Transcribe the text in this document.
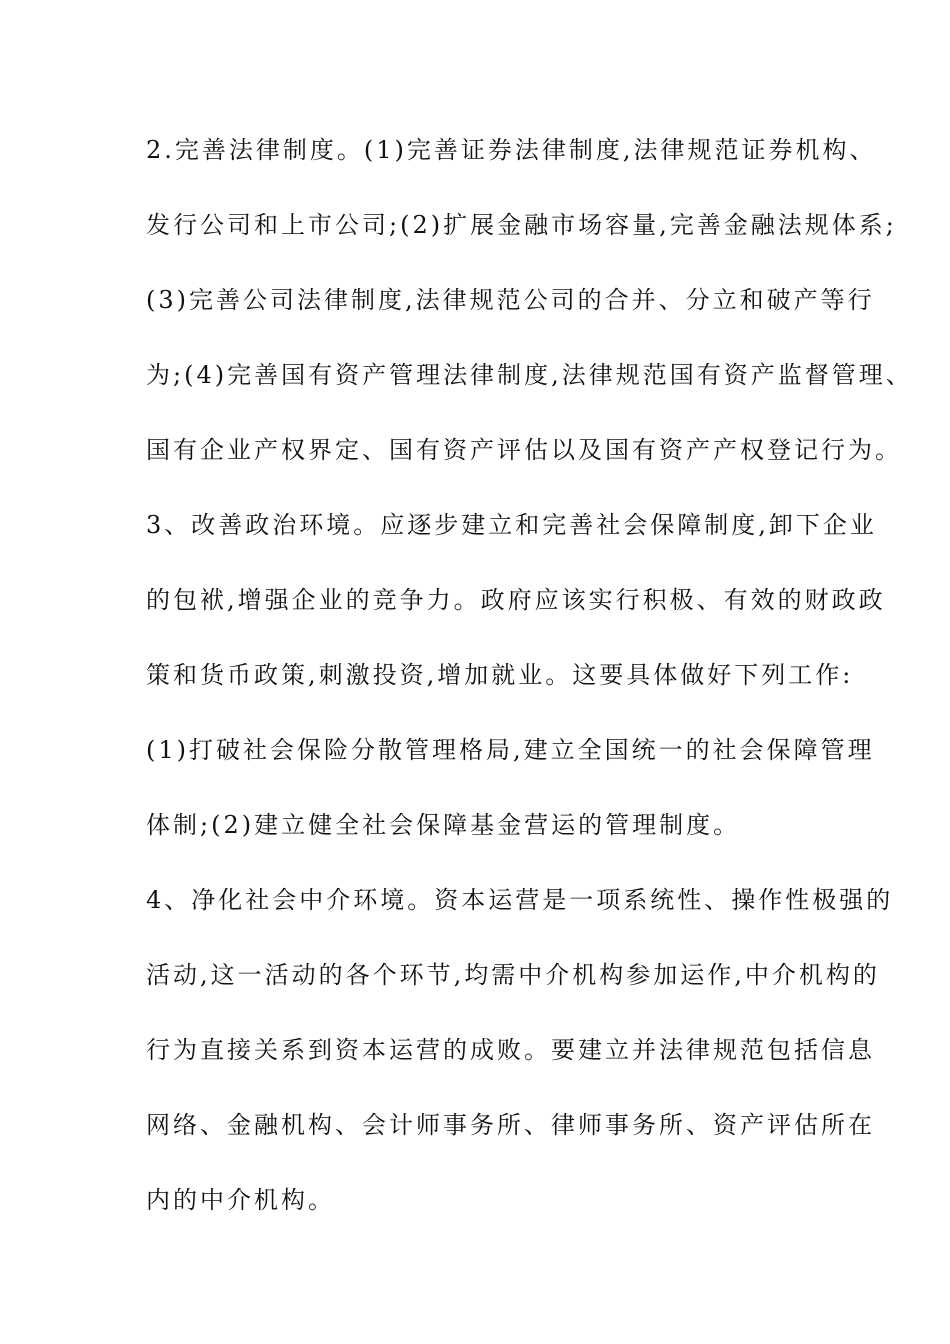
2.完善法律制度。(1)完善证券法律制度,法律规范证券机构、
发行公司和上市公司;(2)扩展金融市场容量,完善金融法规体系;
(3)完善公司法律制度,法律规范公司的合并、分立和破产等行
为;(4)完善国有资产管理法律制度,法律规范国有资产监督管理、
国有企业产权界定、国有资产评估以及国有资产产权登记行为。
3、改善政治环境。应逐步建立和完善社会保障制度,卸下企业
的包袱,增强企业的竞争力。政府应该实行积极、有效的财政政
策和货币政策,刺激投资,增加就业。这要具体做好下列工作:
(1)打破社会保险分散管理格局,建立全国统一的社会保障管理
体制;(2)建立健全社会保障基金营运的管理制度。
4、净化社会中介环境。资本运营是一项系统性、操作性极强的
活动,这一活动的各个环节,均需中介机构参加运作,中介机构的
行为直接关系到资本运营的成败。要建立并法律规范包括信息
网络、金融机构、会计师事务所、律师事务所、资产评估所在
内的中介机构。
